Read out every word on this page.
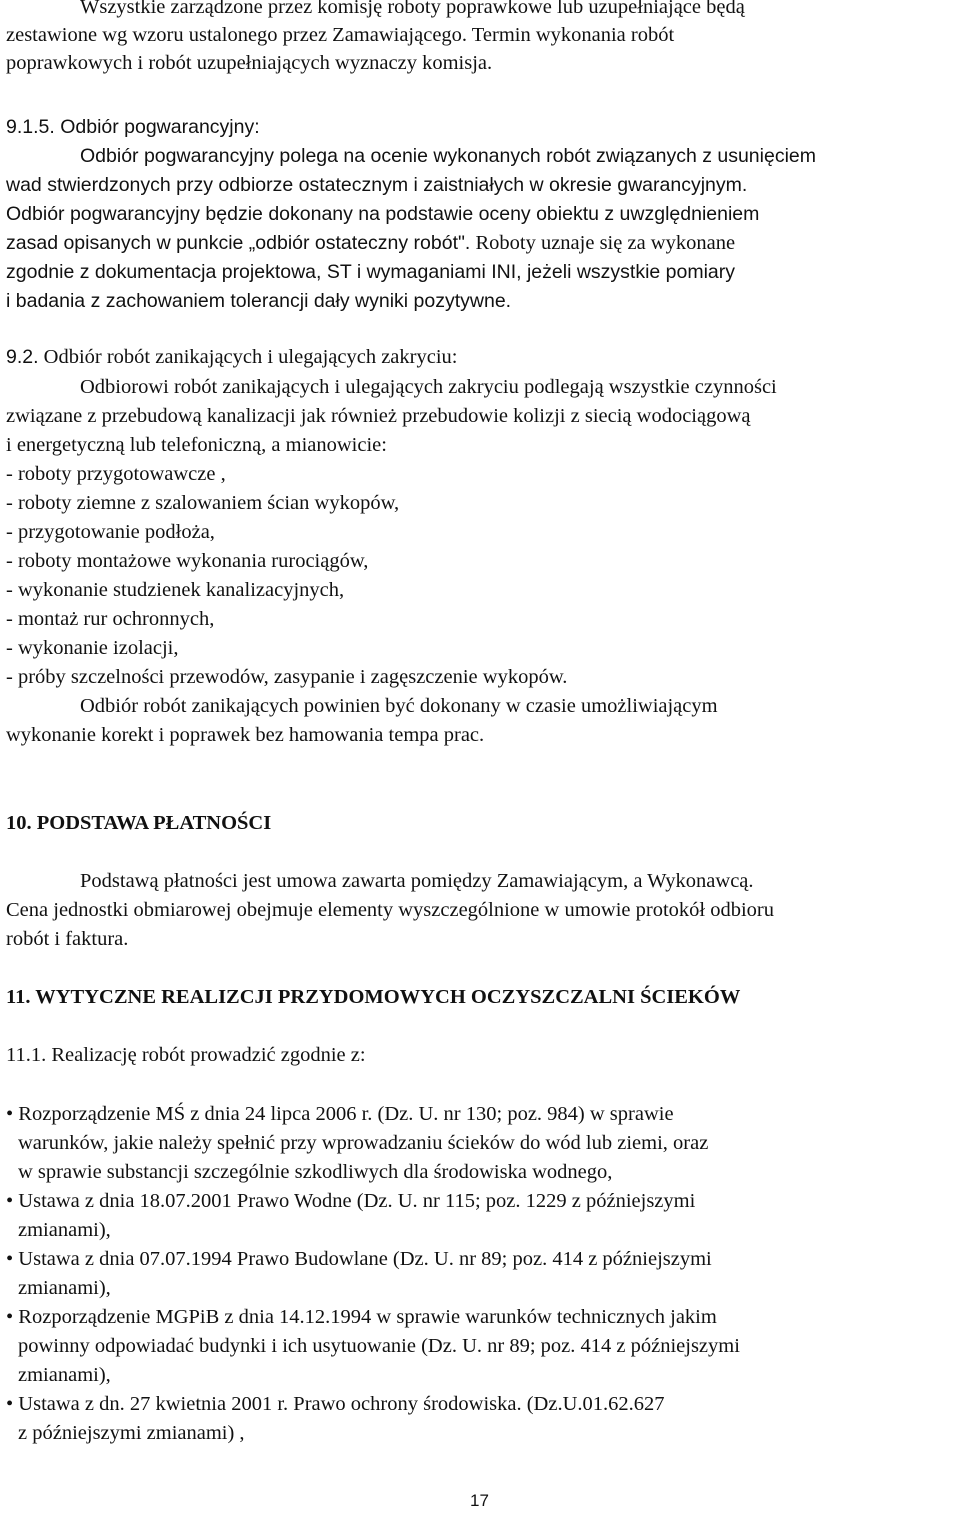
Wszystkie zarządzone przez komisję roboty poprawkowe lub uzupełniające będą

zestawione wg wzoru ustalonego przez Zamawiającego. Termin wykonania robót

poprawkowych i robót uzupełniających wyznaczy komisja.

9.1.5. Odbiór pogwarancyjny:

Odbiór pogwarancyjny polega na ocenie wykonanych robót związanych z usunięciem

wad stwierdzonych przy odbiorze ostatecznym i zaistniałych w okresie gwarancyjnym.

Odbiór pogwarancyjny będzie dokonany na podstawie oceny obiektu z uwzględnieniem

zasad opisanych w punkcie „odbiór ostateczny robót". Roboty uznaje się za wykonane

zgodnie z dokumentacja projektowa, ST i wymaganiami INI, jeżeli wszystkie pomiary

i badania z zachowaniem tolerancji dały wyniki pozytywne.

9.2. Odbiór robót zanikających i ulegających zakryciu:

Odbiorowi robót zanikających i ulegających zakryciu podlegają wszystkie czynności

związane z przebudową kanalizacji jak również przebudowie kolizji z siecią wodociągową

i energetyczną lub telefoniczną, a mianowicie:

- roboty przygotowawcze ,

- roboty ziemne z szalowaniem ścian wykopów,

- przygotowanie podłoża,

- roboty montażowe wykonania rurociągów,

- wykonanie studzienek kanalizacyjnych,

- montaż rur ochronnych,

- wykonanie izolacji,

- próby szczelności przewodów, zasypanie i zagęszczenie wykopów.

Odbiór robót zanikających powinien być dokonany w czasie umożliwiającym

wykonanie korekt i poprawek bez hamowania tempa prac.

10. PODSTAWA PŁATNOŚCI

Podstawą płatności jest umowa zawarta pomiędzy Zamawiającym, a Wykonawcą.

Cena jednostki obmiarowej obejmuje elementy wyszczególnione w umowie protokół odbioru

robót i faktura.

11. WYTYCZNE REALIZCJI PRZYDOMOWYCH OCZYSZCZALNI ŚCIEKÓW

11.1. Realizację robót prowadzić zgodnie z:

• Rozporządzenie MŚ z dnia 24 lipca 2006 r. (Dz. U. nr 130; poz. 984) w sprawie

warunków, jakie należy spełnić przy wprowadzaniu ścieków do wód lub ziemi, oraz

w sprawie substancji szczególnie szkodliwych dla środowiska wodnego,

• Ustawa z dnia 18.07.2001 Prawo Wodne (Dz. U. nr 115; poz. 1229 z późniejszymi

zmianami),

• Ustawa z dnia 07.07.1994 Prawo Budowlane (Dz. U. nr 89; poz. 414 z późniejszymi

zmianami),

• Rozporządzenie MGPiB z dnia 14.12.1994 w sprawie warunków technicznych jakim

powinny odpowiadać budynki i ich usytuowanie (Dz. U. nr 89; poz. 414 z późniejszymi

zmianami),

• Ustawa z dn. 27 kwietnia 2001 r. Prawo ochrony środowiska. (Dz.U.01.62.627

z późniejszymi zmianami) ,

17
